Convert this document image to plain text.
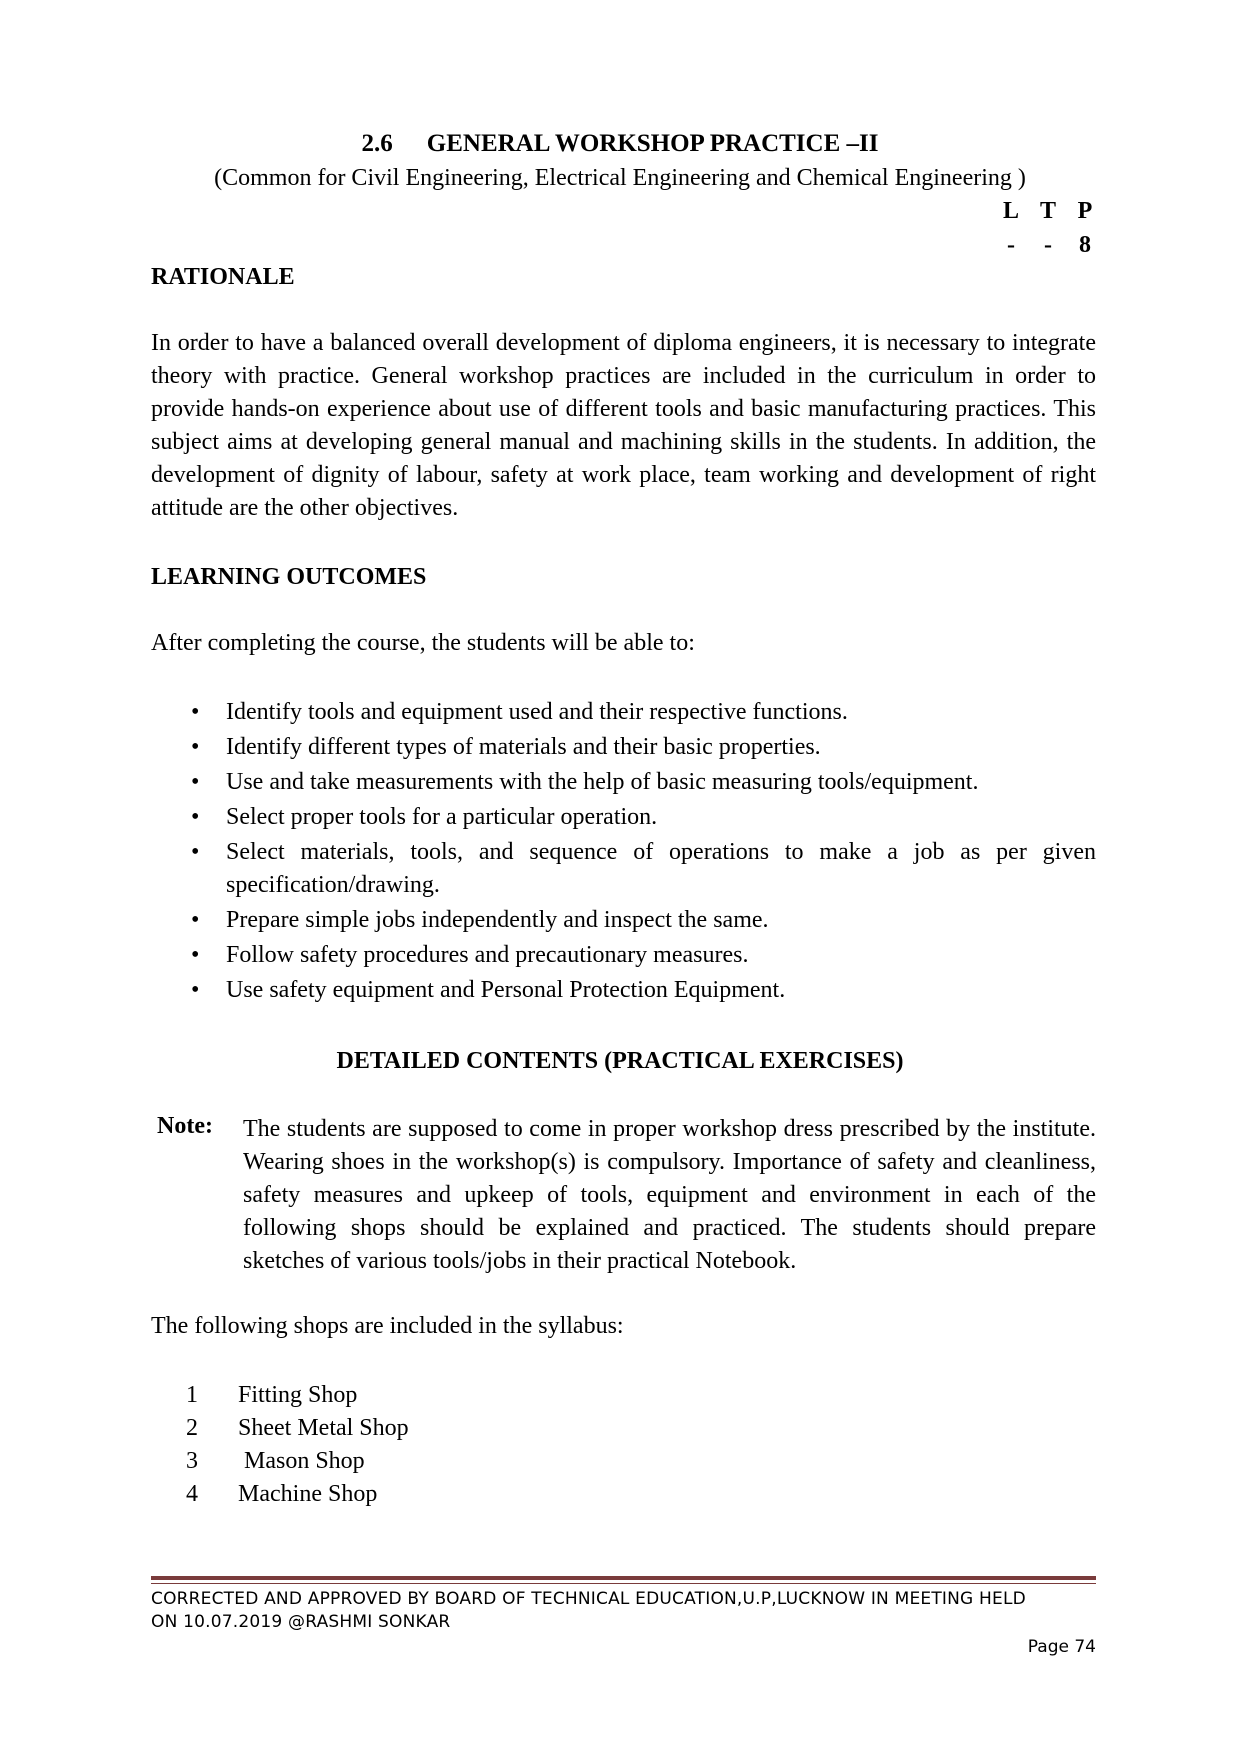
2.6 GENERAL WORKSHOP PRACTICE –II
(Common for Civil Engineering, Electrical Engineering and Chemical Engineering )
L T P
- - 8
RATIONALE

In order to have a balanced overall development of diploma engineers, it is necessary to integrate theory with practice. General workshop practices are included in the curriculum in order to provide hands-on experience about use of different tools and basic manufacturing practices. This subject aims at developing general manual and machining skills in the students. In addition, the development of dignity of labour, safety at work place, team working and development of right attitude are the other objectives.

LEARNING OUTCOMES
After completing the course, the students will be able to:
• Identify tools and equipment used and their respective functions.
• Identify different types of materials and their basic properties.
• Use and take measurements with the help of basic measuring tools/equipment.
• Select proper tools for a particular operation.
• Select materials, tools, and sequence of operations to make a job as per given specification/drawing.
• Prepare simple jobs independently and inspect the same.
• Follow safety procedures and precautionary measures.
• Use safety equipment and Personal Protection Equipment.
DETAILED CONTENTS (PRACTICAL EXERCISES)
Note: The students are supposed to come in proper workshop dress prescribed by the institute. Wearing shoes in the workshop(s) is compulsory. Importance of safety and cleanliness, safety measures and upkeep of tools, equipment and environment in each of the following shops should be explained and practiced. The students should prepare sketches of various tools/jobs in their practical Notebook.

The following shops are included in the syllabus:
1	Fitting Shop
2	Sheet Metal Shop
3	Mason Shop
4	Machine Shop

CORRECTED AND APPROVED BY BOARD OF TECHNICAL EDUCATION,U.P,LUCKNOW IN MEETING HELD
ON 10.07.2019 @RASHMI SONKAR

Page 74
